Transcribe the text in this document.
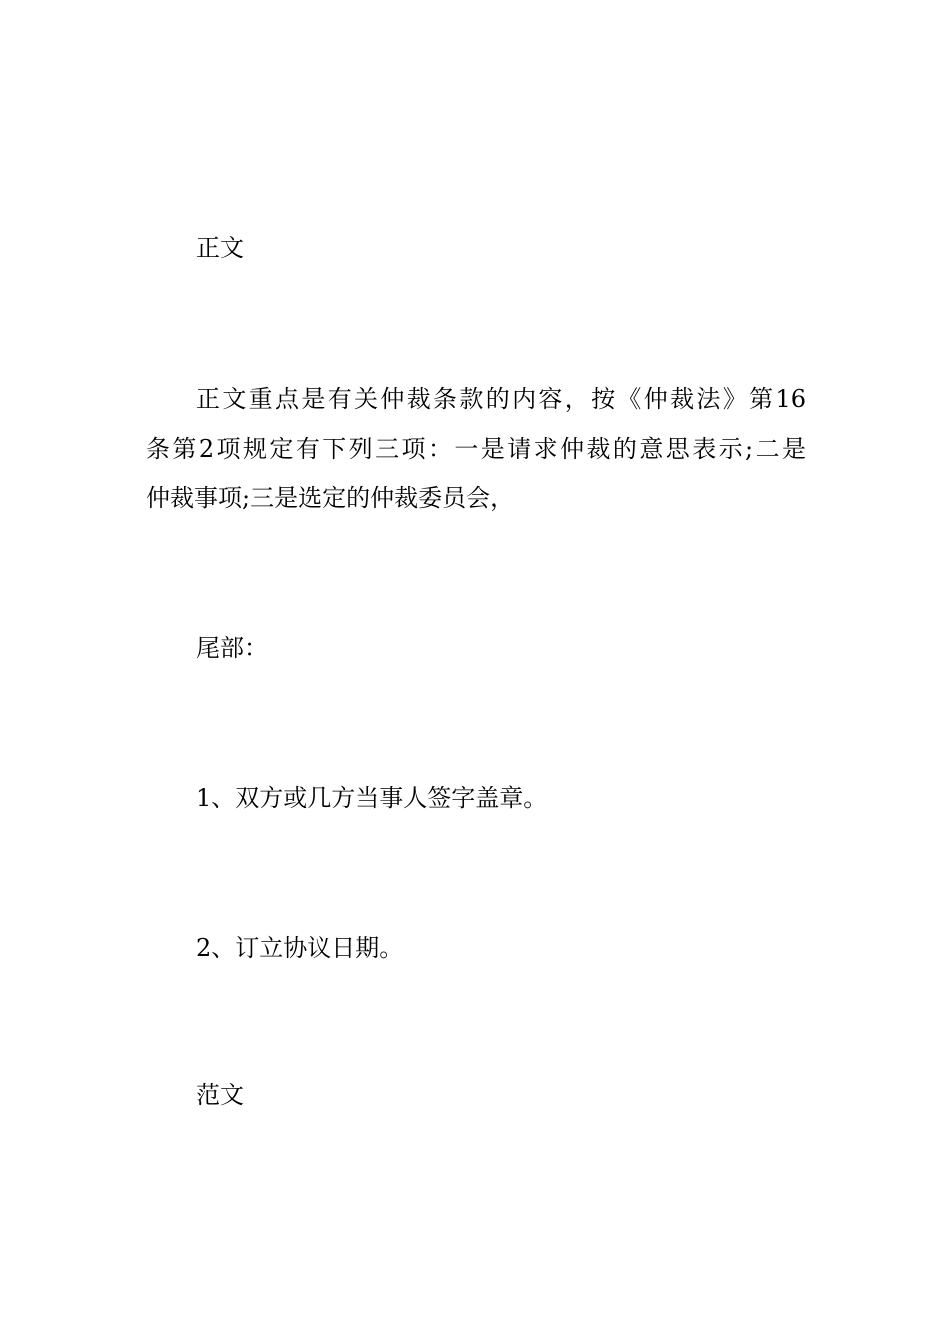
正文
正文重点是有关仲裁条款的内容，按《仲裁法》第16
条第2项规定有下列三项：一是请求仲裁的意思表示;二是
仲裁事项;三是选定的仲裁委员会，
尾部：
1、双方或几方当事人签字盖章。
2、订立协议日期。
范文
